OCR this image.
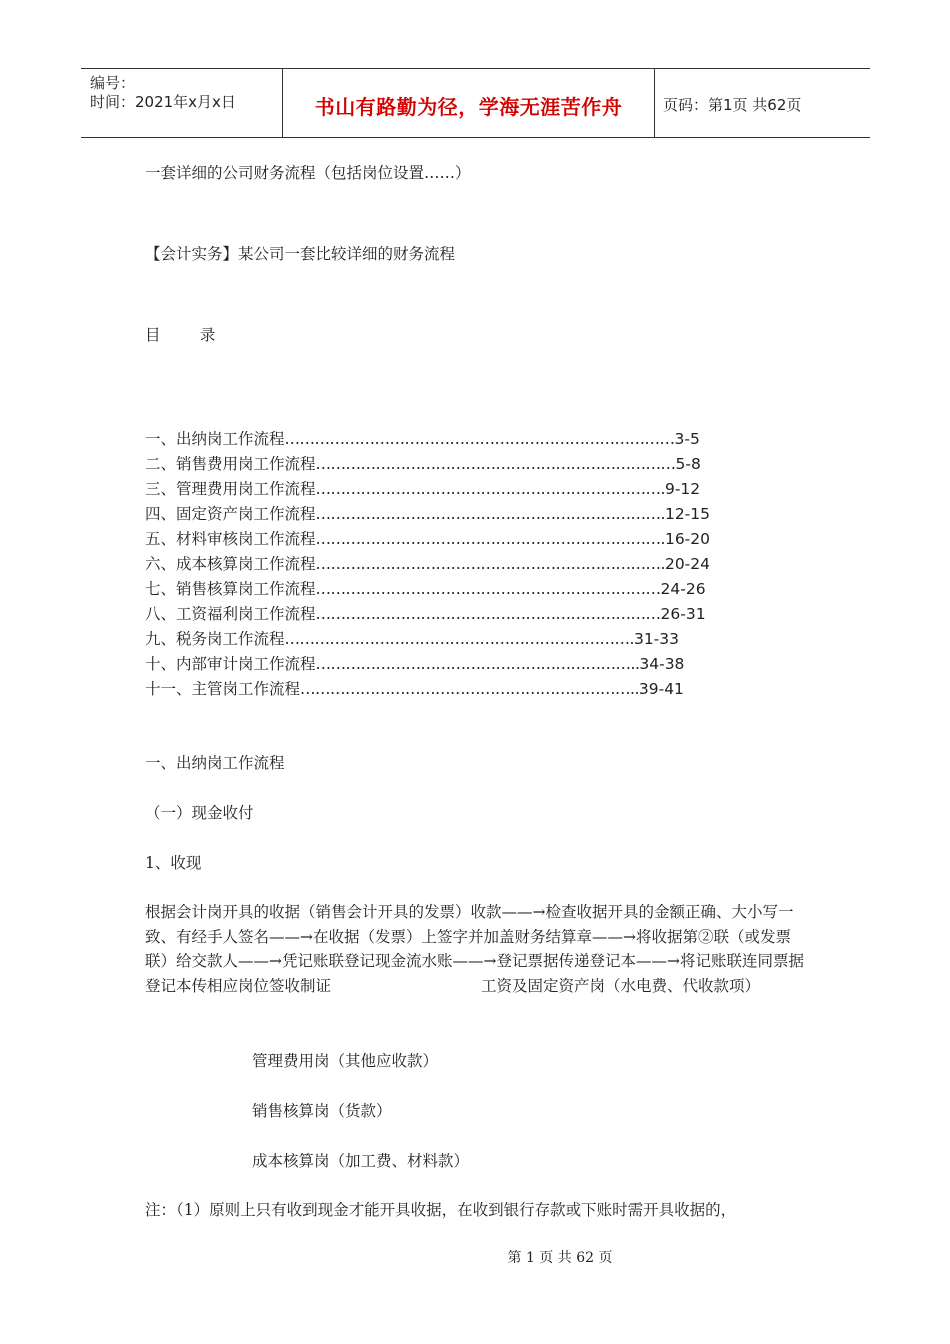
编号：
时间：2021年x月x日	书山有路勤为径，学海无涯苦作舟	页码：第1页 共62页
一套详细的公司财务流程（包括岗位设置……）
【会计实务】某公司一套比较详细的财务流程
目        录
一、出纳岗工作流程……………………………………………………………………3-5
二、销售费用岗工作流程………………………………………………………………5-8
三、管理费用岗工作流程…………………………………………………………….9-12
四、固定资产岗工作流程…………………………………………………………….12-15
五、材料审核岗工作流程…………………………………………………………….16-20
六、成本核算岗工作流程…………………………………………………………….20-24
七、销售核算岗工作流程……………………………………………………………24-26
八、工资福利岗工作流程……………………………………………………………26-31
九、税务岗工作流程…………………………………………………………….31-33
十、内部审计岗工作流程………………………………………………………..34-38
十一、主管岗工作流程…………………………………………………………..39-41
一、出纳岗工作流程
（一）现金收付
1、收现
根据会计岗开具的收据（销售会计开具的发票）收款——→检查收据开具的金额正确、大小写一致、有经手人签名——→在收据（发票）上签字并加盖财务结算章——→将收据第②联（或发票联）给交款人——→凭记账联登记现金流水账——→登记票据传递登记本——→将记账联连同票据登记本传相应岗位签收制证	工资及固定资产岗（水电费、代收款项）
管理费用岗（其他应收款）
销售核算岗（货款）
成本核算岗（加工费、材料款）
注：（1）原则上只有收到现金才能开具收据，在收到银行存款或下账时需开具收据的，
第 1 页 共 62 页
